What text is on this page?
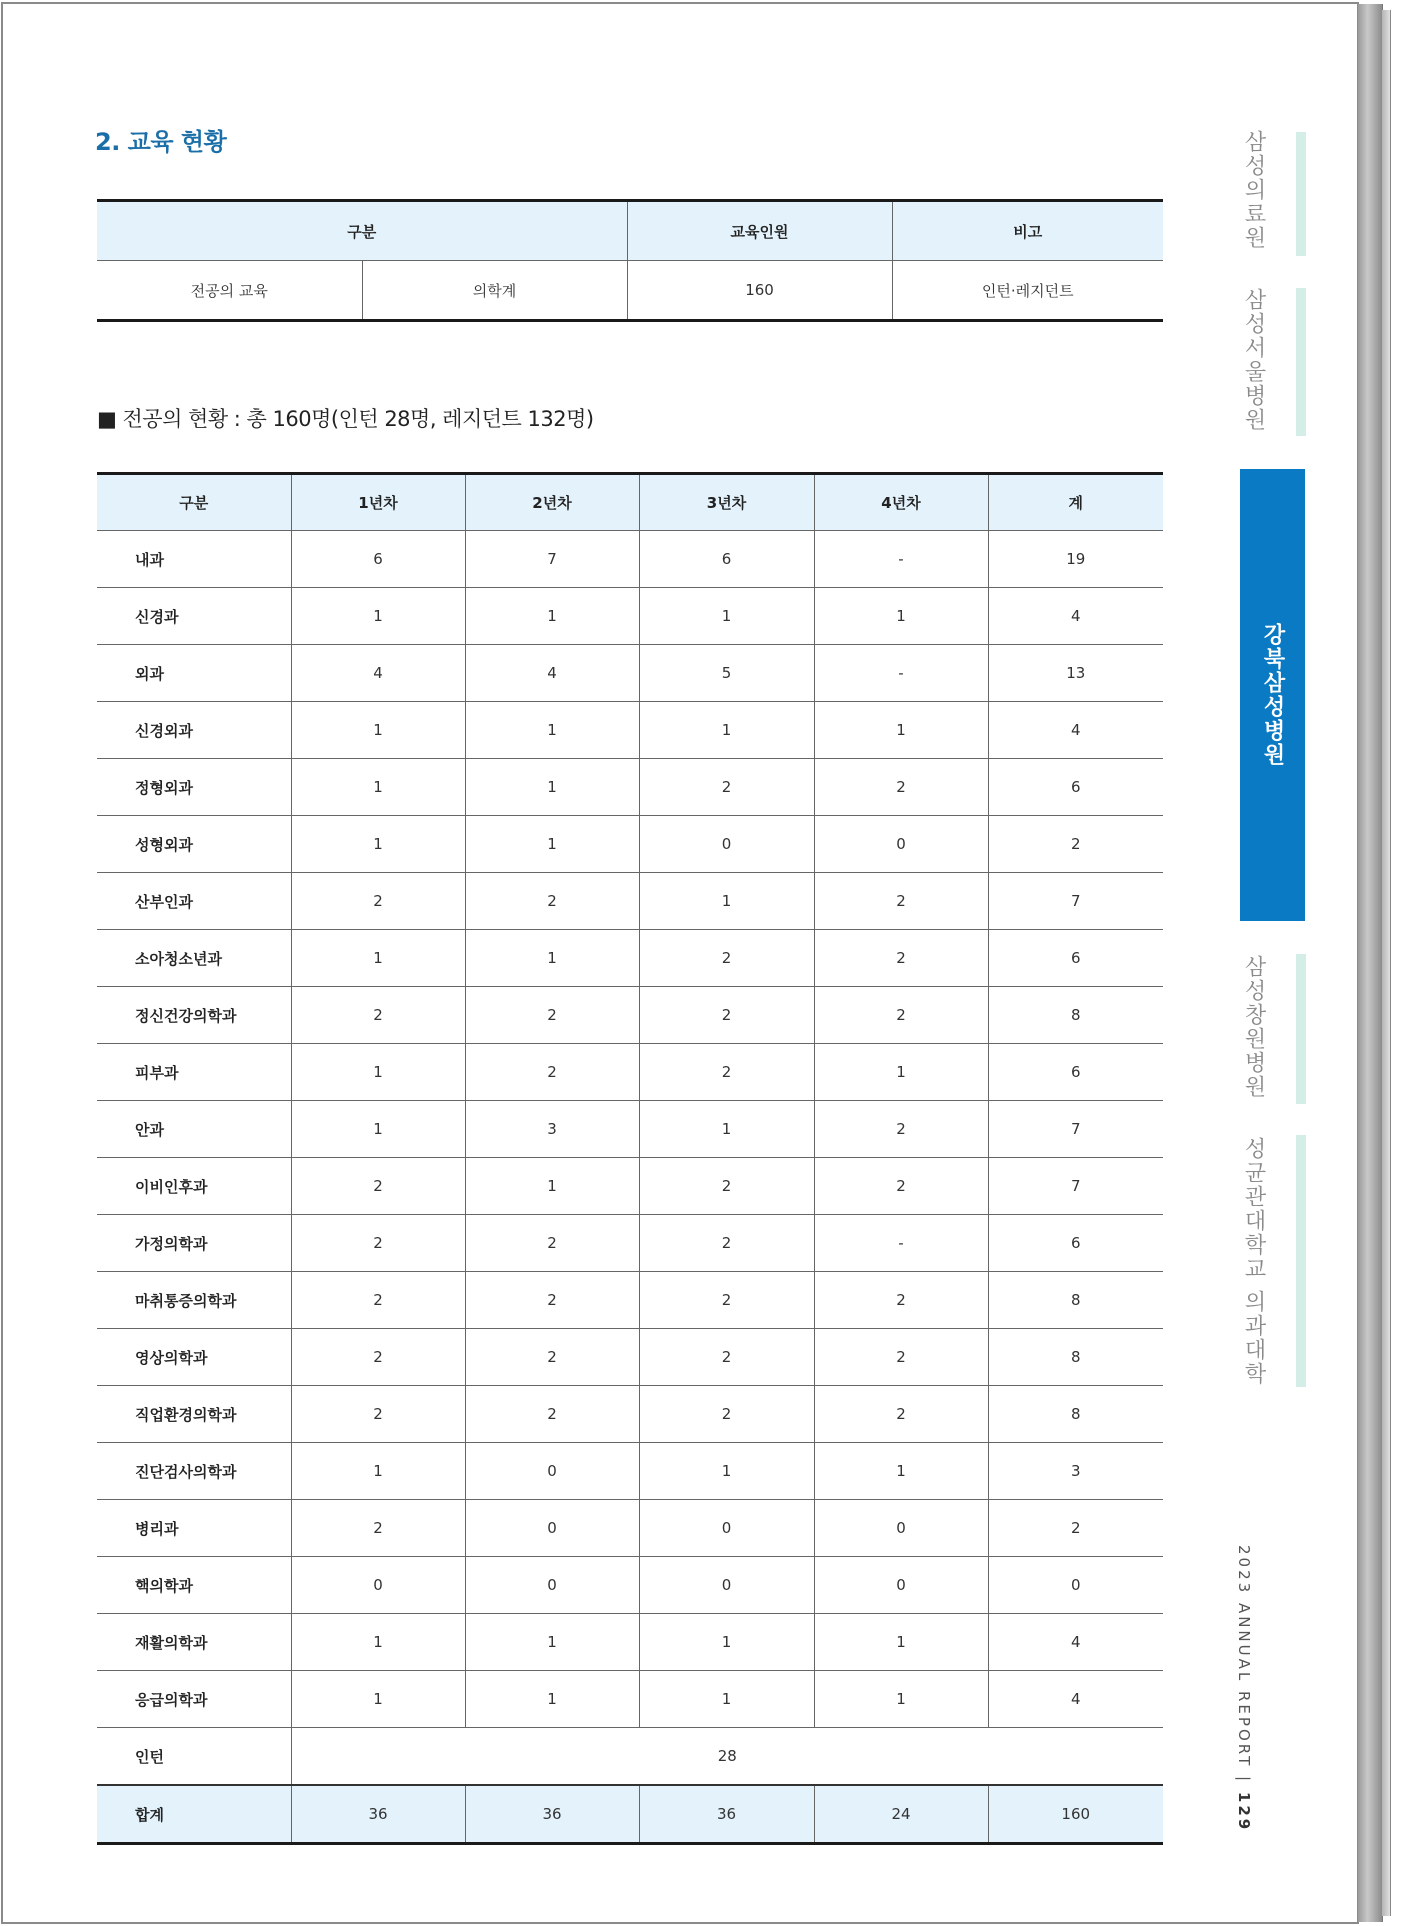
2. 교육 현황
구분		교육인원	비고
전공의 교육	의학계	160	인턴·레지던트
■ 전공의 현황 : 총 160명(인턴 28명, 레지던트 132명)
구분	1년차	2년차	3년차	4년차	계
내과	6	7	6	-	19
신경과	1	1	1	1	4
외과	4	4	5	-	13
신경외과	1	1	1	1	4
정형외과	1	1	2	2	6
성형외과	1	1	0	0	2
산부인과	2	2	1	2	7
소아청소년과	1	1	2	2	6
정신건강의학과	2	2	2	2	8
피부과	1	2	2	1	6
안과	1	3	1	2	7
이비인후과	2	1	2	2	7
가정의학과	2	2	2	-	6
마취통증의학과	2	2	2	2	8
영상의학과	2	2	2	2	8
직업환경의학과	2	2	2	2	8
진단검사의학과	1	0	1	1	3
병리과	2	0	0	0	2
핵의학과	0	0	0	0	0
재활의학과	1	1	1	1	4
응급의학과	1	1	1	1	4
인턴	28				
합계	36	36	36	24	160
삼성의료원
삼성서울병원
강북삼성병원
삼성창원병원
성균관대학교 의과대학
2023 ANNUAL REPORT | 129
